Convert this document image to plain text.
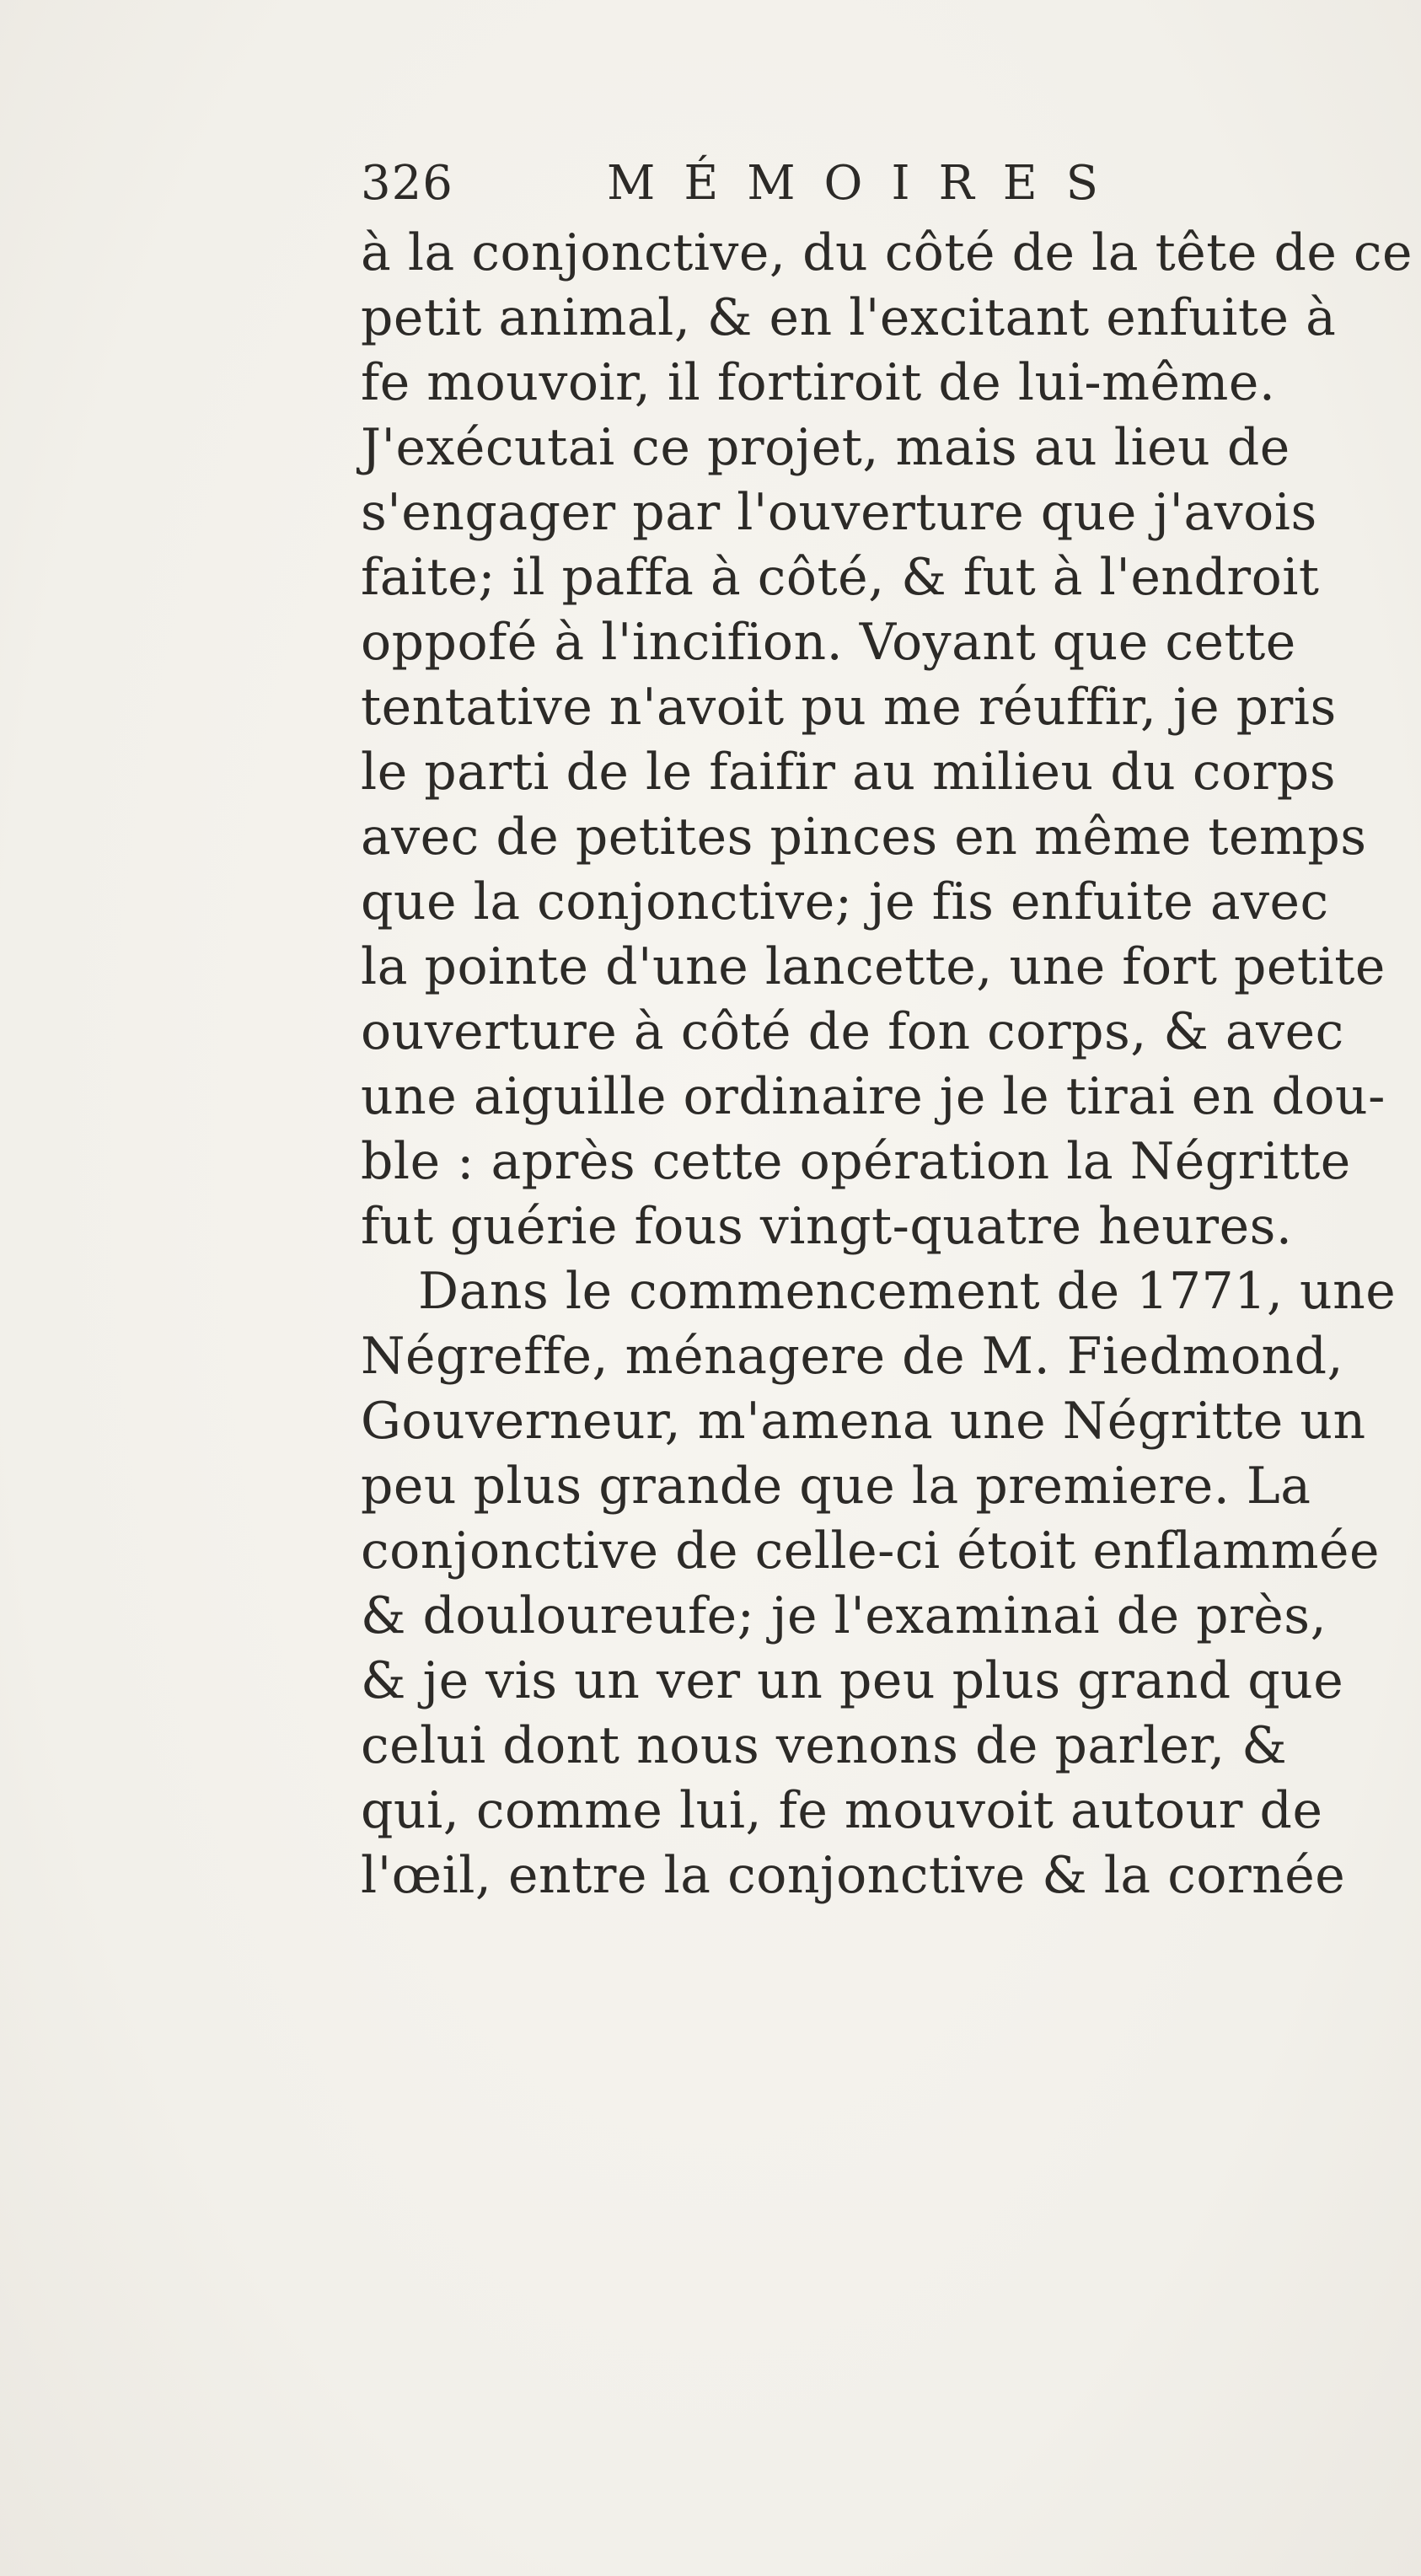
326	MÉMOIRES
à la conjonctive, du côté de la tête de ce
petit animal, & en l'excitant enfuite à
fe mouvoir, il fortiroit de lui-même.
J'exécutai ce projet, mais au lieu de
s'engager par l'ouverture que j'avois
faite; il paffa à côté, & fut à l'endroit
oppofé à l'incifion. Voyant que cette
tentative n'avoit pu me réuffir, je pris
le parti de le faifir au milieu du corps
avec de petites pinces en même temps
que la conjonctive; je fis enfuite avec
la pointe d'une lancette, une fort petite
ouverture à côté de fon corps, & avec
une aiguille ordinaire je le tirai en dou-
ble : après cette opération la Négritte
fut guérie fous vingt-quatre heures.
Dans le commencement de 1771, une
Négreffe, ménagere de M. Fiedmond,
Gouverneur, m'amena une Négritte un
peu plus grande que la premiere. La
conjonctive de celle-ci étoit enflammée
& douloureufe; je l'examinai de près,
& je vis un ver un peu plus grand que
celui dont nous venons de parler, &
qui, comme lui, fe mouvoit autour de
l'œil, entre la conjonctive & la cornée
